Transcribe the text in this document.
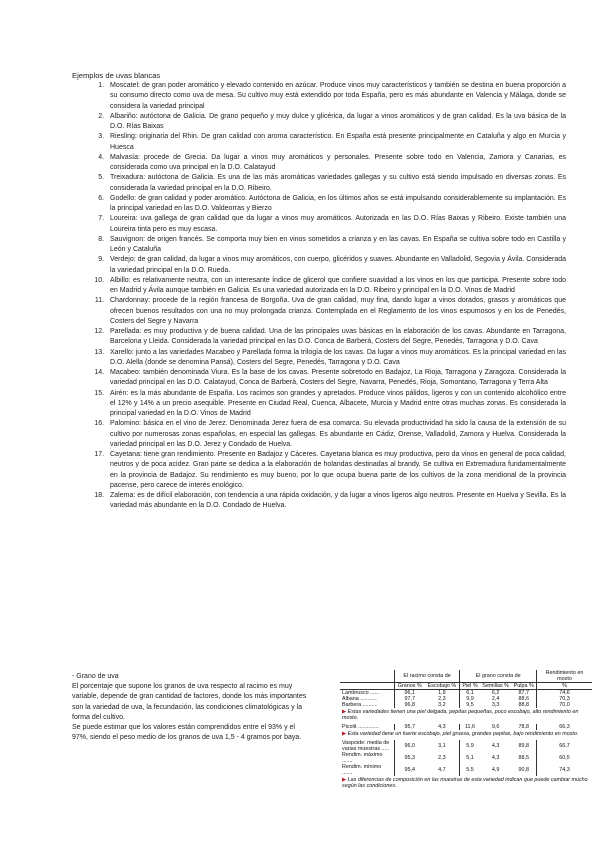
Ejemplos de uvas blancas
1. Moscatel: de gran poder aromático y elevado contenido en azúcar. Produce vinos muy característicos y también se destina en buena proporción a su consumo directo como uva de mesa. Su cultivo muy está extendido por toda España, pero es más abundante en Valencia y Málaga, donde se considera la variedad principal
2. Albariño: autóctona de Galicia. De grano pequeño y muy dulce y glicérica, da lugar a vinos aromáticos y de gran calidad. Es la uva básica de la D.O. Rías Baixas
3. Riesling: originaria del Rhin. De gran calidad con aroma característico. En España está presente principalmente en Cataluña y algo en Murcia y Huesca
4. Malvasía: procede de Grecia. Da lugar a vinos muy aromáticos y personales. Presente sobre todo en Valencia, Zamora y Canarias, es considerada como uva principal en la D.O. Calatayud
5. Treixadura: autóctona de Galicia. Es una de las más aromáticas variedades gallegas y su cultivo está siendo impulsado en diversas zonas. Es considerada la variedad principal en la D.O. Ribeiro.
6. Godello: de gran calidad y poder aromático. Autóctona de Galicia, en los últimos años se está impulsando considerablemente su implantación. Es la principal variedad en las D.O. Valdeorras y Bierzo
7. Loureira: uva gallega de gran calidad que da lugar a vinos muy aromáticos. Autorizada en las D.O. Rías Baixas y Ribeiro. Existe también una Loureira tinta pero es muy escasa.
8. Sauvignon: de origen francés. Se comporta muy bien en vinos sometidos a crianza y en las cavas. En España se cultiva sobre todo en Castilla y León y Cataluña
9. Verdejo: de gran calidad, da lugar a vinos muy aromáticos, con cuerpo, glicéridos y suaves. Abundante en Valladolid, Segovia y Ávila. Considerada la variedad principal en la D.O. Rueda.
10. Albillo: es relativamente neutra, con un interesante índice de glicerol que confiere suavidad a los vinos en los que participa. Presente sobre todo en Madrid y Ávila aunque también en Galicia. Es una variedad autorizada en la D.O. Ribeiro y principal en la D.O. Vinos de Madrid
11. Chardonnay: procede de la región francesa de Borgoña. Uva de gran calidad, muy fina, dando lugar a vinos dorados, grasos y aromáticos que ofrecen buenos resultados con una no muy prolongada crianza. Contemplada en el Reglamento de los vinos espumosos y en los de Penedés, Costers del Segre y Navarra
12. Parellada: es muy productiva y de buena calidad. Una de las principales uvas básicas en la elaboración de los cavas. Abundante en Tarragona, Barcelona y Lleida. Considerada la variedad principal en las D.O. Conca de Barberá, Costers del Segre, Penedés, Tarragona y D.O. Cava
13. Xarello: junto a las variedades Macabeo y Parellada forma la trilogía de los cavas. Da lugar a vinos muy aromáticos. Es la principal variedad en las D.O. Alella (donde se denomina Pansá), Costers del Segre, Penedés, Tarragona y D.O. Cava
14. Macabeo: también denominada Viura. Es la base de los cavas. Presente sobretodo en Badajoz, La Rioja, Tarragona y Zaragoza. Considerada la variedad principal en las D.O. Calatayud, Conca de Barberá, Costers del Segre, Navarra, Penedés, Rioja, Somontano, Tarragona y Terra Alta
15. Airén: es la más abundante de España. Los racimos son grandes y apretados. Produce vinos pálidos, ligeros y con un contenido alcohólico entre el 12% y 14% a un precio asequible. Presente en Ciudad Real, Cuenca, Albacete, Murcia y Madrid entre otras muchas zonas. Es considerada la principal variedad en la D.O. Vinos de Madrid
16. Palomino: básica en el vino de Jerez. Denominada Jerez fuera de esa comarca. Su elevada productividad ha sido la causa de la extensión de su cultivo por numerosas zonas españolas, en especial las gallegas. Es abundante en Cádiz, Orense, Valladolid, Zamora y Huelva. Considerada la variedad principal en las D.O. Jerez y Condado de Huelva.
17. Cayetana: tiene gran rendimiento. Presente en Badajoz y Cáceres. Cayetana blanca es muy productiva, pero da vinos en general de poca calidad, neutros y de poca acidez. Gran parte se dedica a la elaboración de holandas destinadas al brandy. Se cultiva en Extremadura fundamentalmente en la provincia de Badajoz. Su rendimiento es muy bueno, por lo que ocupa buena parte de los cultivos de la zona meridional de la provincia pacense, pero carece de interés enológico.
18. Zalema: es de difícil elaboración, con tendencia a una rápida oxidación, y da lugar a vinos ligeros algo neutros. Presente en Huelva y Sevilla. Es la variedad más abundante en la D.O. Condado de Huelva.

- Grano de uva

El porcentaje que supone los granos de uva respecto al racimo es muy variable, depende de gran cantidad de factores, donde los más importantes son la variedad de uva, la fecundación, las condiciones climatológicas y la forma del cultivo.

Se puede estimar que los valores están comprendidos entre el 93% y el 97%, siendo el peso medio de los granos de uva 1,5 - 4 gramos por baya.

	El racimo consta de		El grano consta de			Rendimiento en mosto
	Granos %	Escobajo %	Piel %	Semillas %	Pulpa %	%
Lambrusco ......	96,1	1,9	6,1	6,2	87,7	74,6
Albana ...........	97,7	2,3	9,9	2,4	88,6	70,3
Barbera ..........	96,8	3,2	9,5	3,3	88,8	70,0
▶ Estas variedades tienen una piel delgada, pepitas pequeñas, poco escobajo, alto rendimiento en mosto.						
Picolit ..............	95,7	4,3	11,6	9,6	78,8	66,3
▶ Esta variedad tiene un fuerte escobajo, piel gruesa, grandes pepitas, bajo rendimiento en mosto.						
Vaspoide: media de varias muestras .....	96,0	3,1	5,9	4,3	89,8	66,7
Rendim. máximo .......	95,3	2,3	5,1	4,3	88,5	60,5
Rendim. mínimo .......	95,4	4,7	5,5	4,9	90,8	74,3
▶ Las diferencias de composición en las muestras de esta variedad indican que puede cambiar mucho según las condiciones.						
